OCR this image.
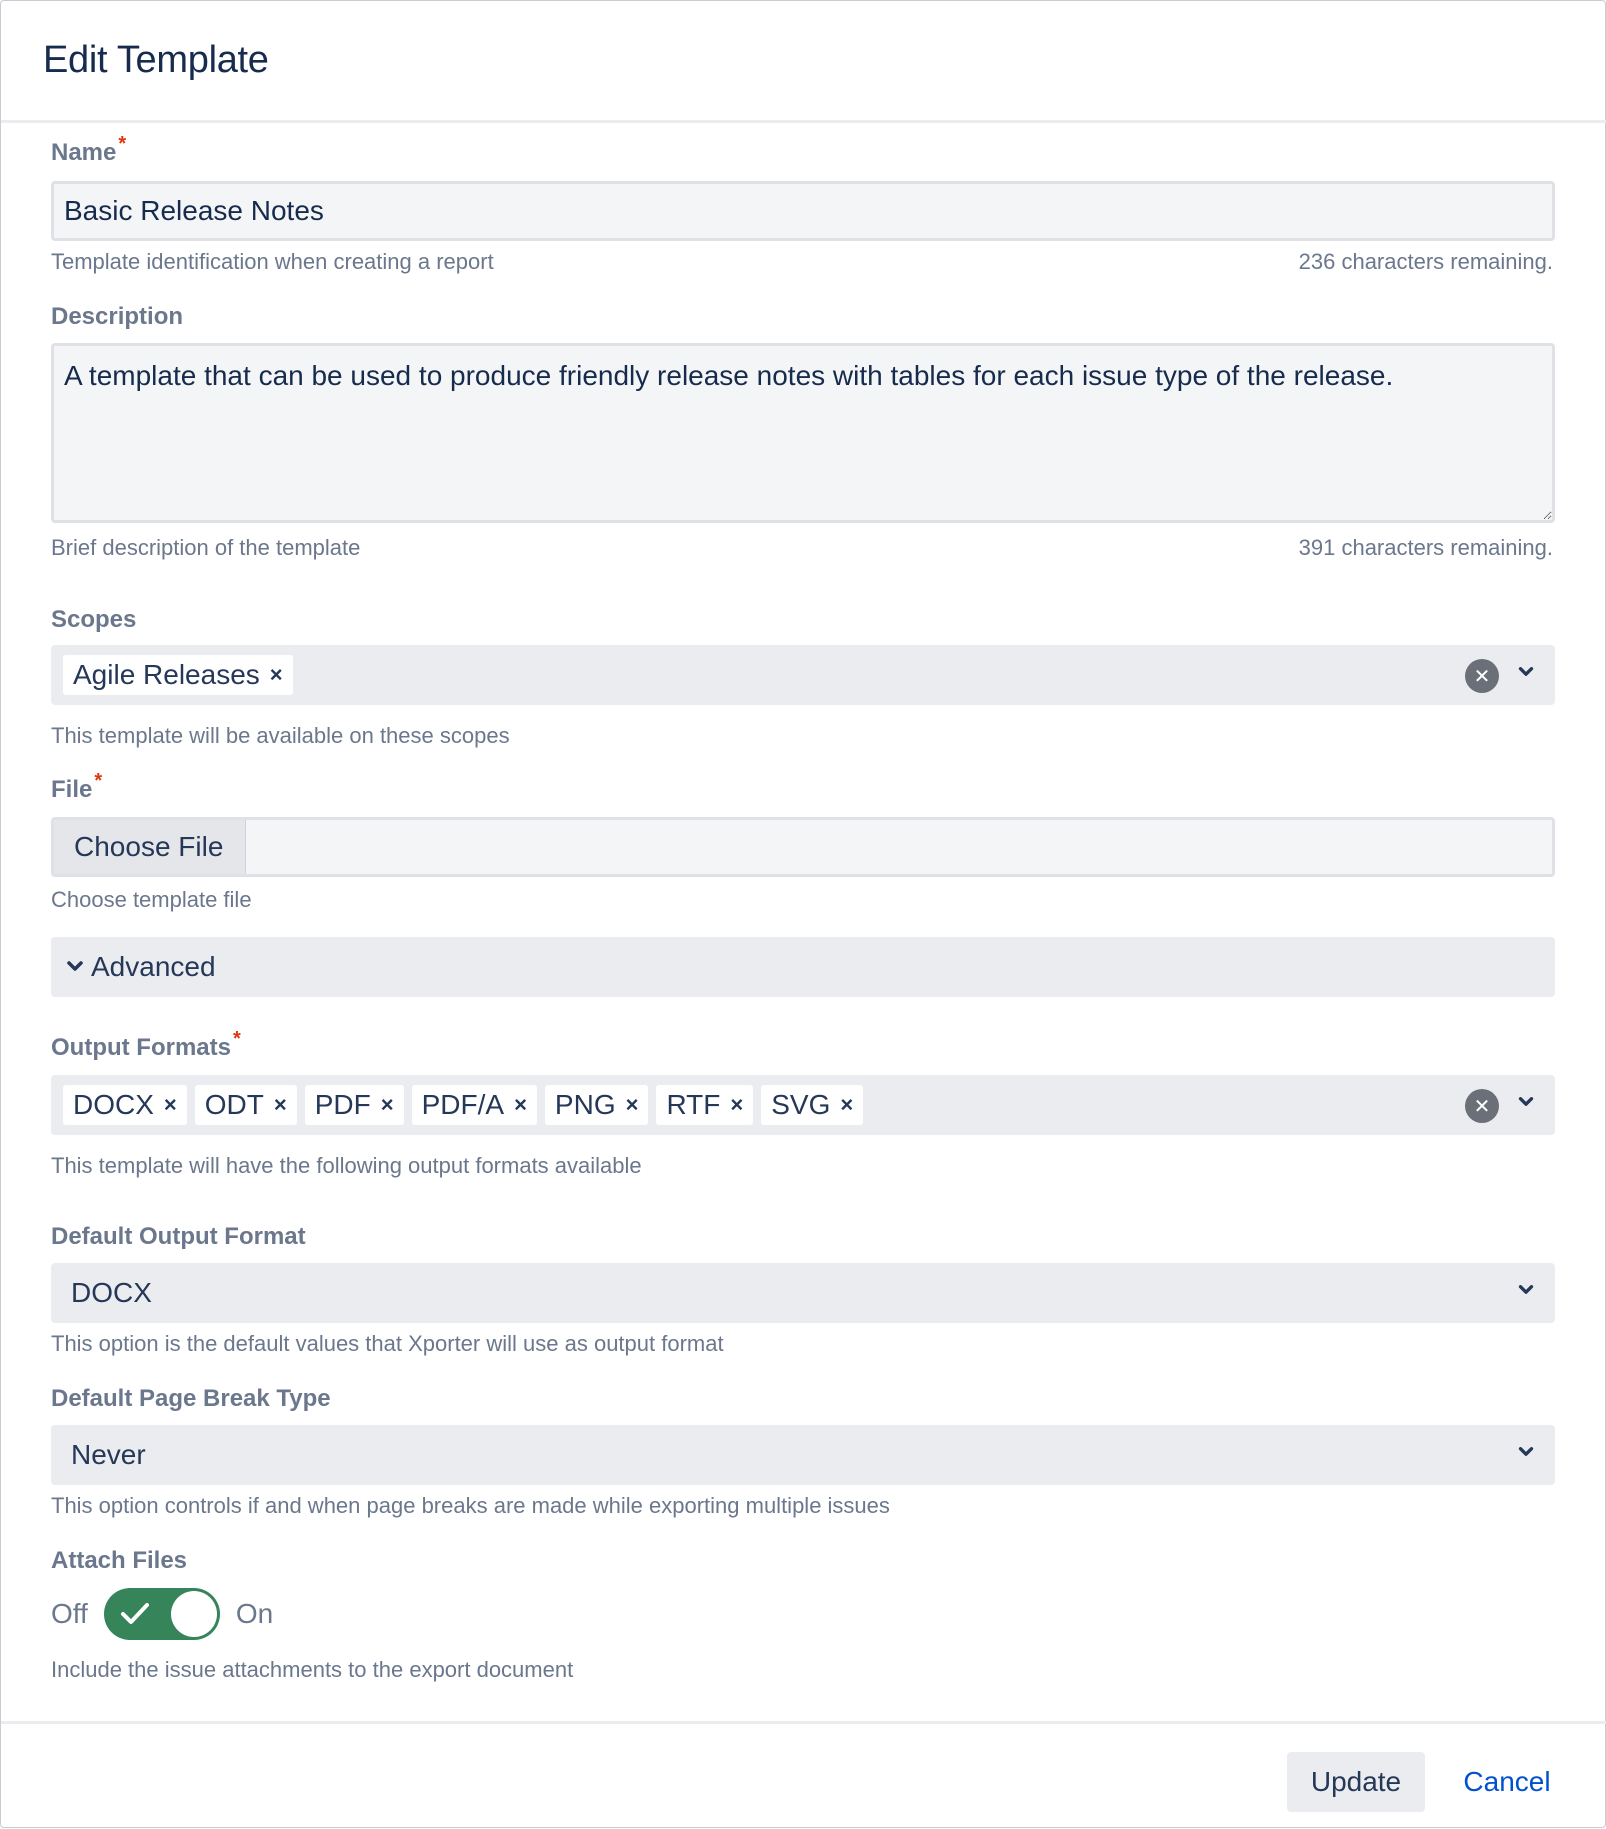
Edit Template
Name *
Basic Release Notes
Template identification when creating a report	236 characters remaining.
Description
A template that can be used to produce friendly release notes with tables for each issue type of the release.
Brief description of the template	391 characters remaining.
Scopes
Agile Releases ×	✕
This template will be available on these scopes
File *
Choose File
Choose template file
Advanced
Output Formats *
DOCX × ODT × PDF × PDF/A × PNG × RTF × SVG ×	✕
This template will have the following output formats available
Default Output Format
DOCX
This option is the default values that Xporter will use as output format
Default Page Break Type
Never
This option controls if and when page breaks are made while exporting multiple issues
Attach Files
Off	On
Include the issue attachments to the export document
Update	Cancel
